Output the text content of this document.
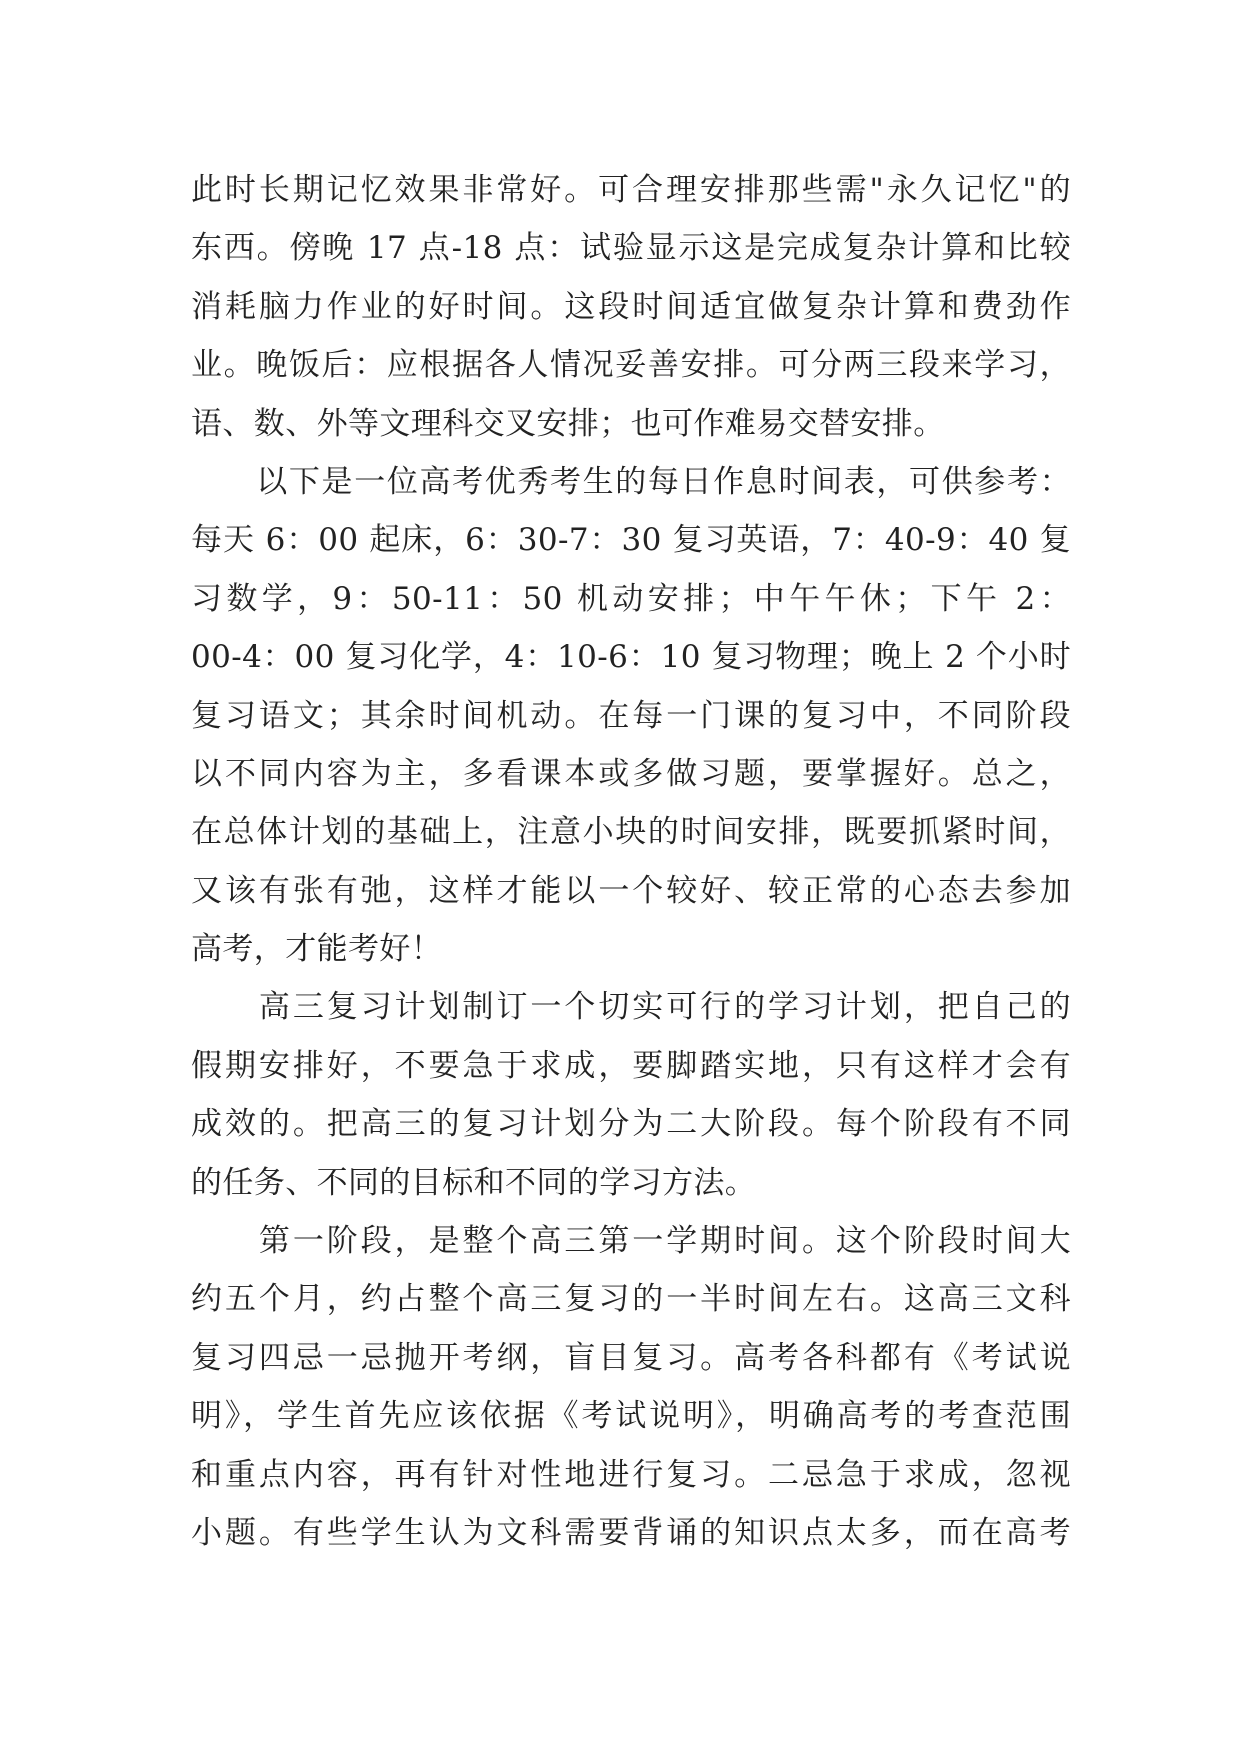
此时长期记忆效果非常好。可合理安排那些需"永久记忆"的
东西。傍晚 17 点-18 点：试验显示这是完成复杂计算和比较
消耗脑力作业的好时间。这段时间适宜做复杂计算和费劲作
业。晚饭后：应根据各人情况妥善安排。可分两三段来学习，
语、数、外等文理科交叉安排；也可作难易交替安排。
　　以下是一位高考优秀考生的每日作息时间表，可供参考：
每天 6：00 起床，6：30-7：30 复习英语，7：40-9：40 复
习数学，9：50-11：50 机动安排；中午午休；下午 2：
00-4：00 复习化学，4：10-6：10 复习物理；晚上 2 个小时
复习语文；其余时间机动。在每一门课的复习中，不同阶段
以不同内容为主，多看课本或多做习题，要掌握好。总之，
在总体计划的基础上，注意小块的时间安排，既要抓紧时间，
又该有张有弛，这样才能以一个较好、较正常的心态去参加
高考，才能考好！
　　高三复习计划制订一个切实可行的学习计划，把自己的
假期安排好，不要急于求成，要脚踏实地，只有这样才会有
成效的。把高三的复习计划分为二大阶段。每个阶段有不同
的任务、不同的目标和不同的学习方法。
　　第一阶段，是整个高三第一学期时间。这个阶段时间大
约五个月，约占整个高三复习的一半时间左右。这高三文科
复习四忌一忌抛开考纲，盲目复习。高考各科都有《考试说
明》，学生首先应该依据《考试说明》，明确高考的考查范围
和重点内容，再有针对性地进行复习。二忌急于求成，忽视
小题。有些学生认为文科需要背诵的知识点太多，而在高考
